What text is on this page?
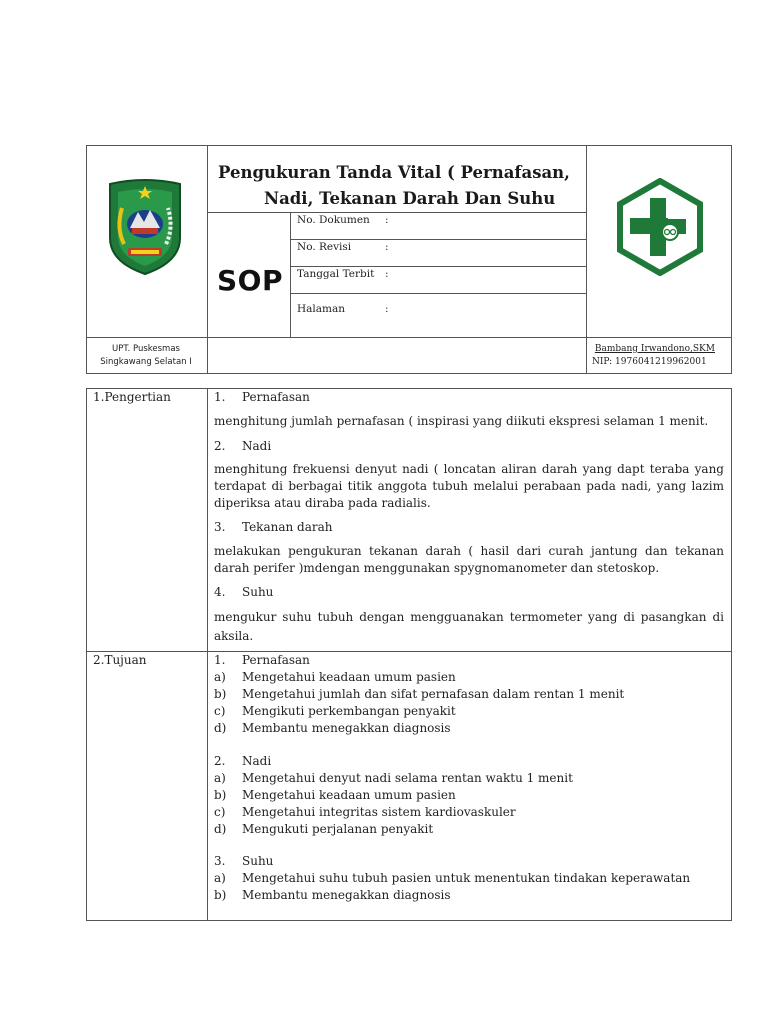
Pengukuran Tanda Vital ( Pernafasan,
Nadi, Tekanan Darah Dan Suhu
SOP
No. Dokumen :
No. Revisi	:
Tanggal Terbit :
Halaman	:
UPT. Puskesmas
Singkawang Selatan I
Bambang Irwandono,SKM
NIP: 1976041219962001
1.Pengertian	1. Pernafasan
menghitung jumlah pernafasan ( inspirasi yang diikuti ekspresi selaman 1 menit.
2. Nadi
menghitung frekuensi denyut nadi ( loncatan aliran darah yang dapt teraba yang terdapat di berbagai titik anggota tubuh melalui perabaan pada nadi, yang lazim diperiksa atau diraba pada radialis.
3. Tekanan darah
melakukan pengukuran tekanan darah ( hasil dari curah jantung dan tekanan darah perifer )mdengan menggunakan spygnomanometer dan stetoskop.
4. Suhu
mengukur suhu tubuh dengan mengguanakan termometer yang di pasangkan di aksila.
2.Tujuan	1. Pernafasan
a) Mengetahui keadaan umum pasien
b) Mengetahui jumlah dan sifat pernafasan dalam rentan 1 menit
c) Mengikuti perkembangan penyakit
d) Membantu menegakkan diagnosis
2. Nadi
a) Mengetahui denyut nadi selama rentan waktu 1 menit
b) Mengetahui keadaan umum pasien
c) Mengetahui integritas sistem kardiovaskuler
d) Mengukuti perjalanan penyakit
3. Suhu
a) Mengetahui suhu tubuh pasien untuk menentukan tindakan keperawatan
b) Membantu menegakkan diagnosis
